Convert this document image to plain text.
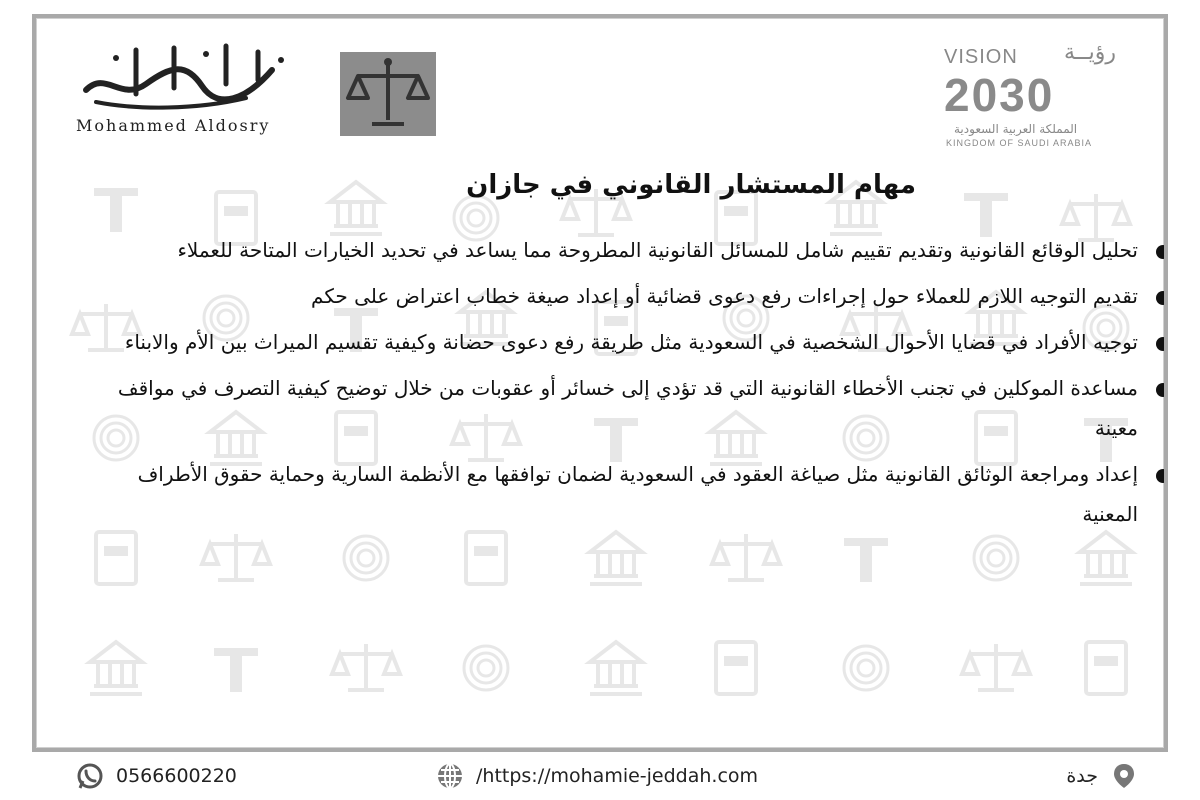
Mohammed Aldosry
VISION رؤيــة
2030
المملكة العربية السعودية
KINGDOM OF SAUDI ARABIA
مهام المستشار القانوني في جازان
تحليل الوقائع القانونية وتقديم تقييم شامل للمسائل القانونية المطروحة مما يساعد في تحديد الخيارات المتاحة للعملاء
تقديم التوجيه اللازم للعملاء حول إجراءات رفع دعوى قضائية أو إعداد صيغة خطاب اعتراض على حكم
توجيه الأفراد في قضايا الأحوال الشخصية في السعودية مثل طريقة رفع دعوى حضانة وكيفية تقسيم الميراث بين الأم والابناء
مساعدة الموكلين في تجنب الأخطاء القانونية التي قد تؤدي إلى خسائر أو عقوبات من خلال توضيح كيفية التصرف في مواقف معينة
إعداد ومراجعة الوثائق القانونية مثل صياغة العقود في السعودية لضمان توافقها مع الأنظمة السارية وحماية حقوق الأطراف المعنية
0566600220	/https://mohamie-jeddah.com	جدة
